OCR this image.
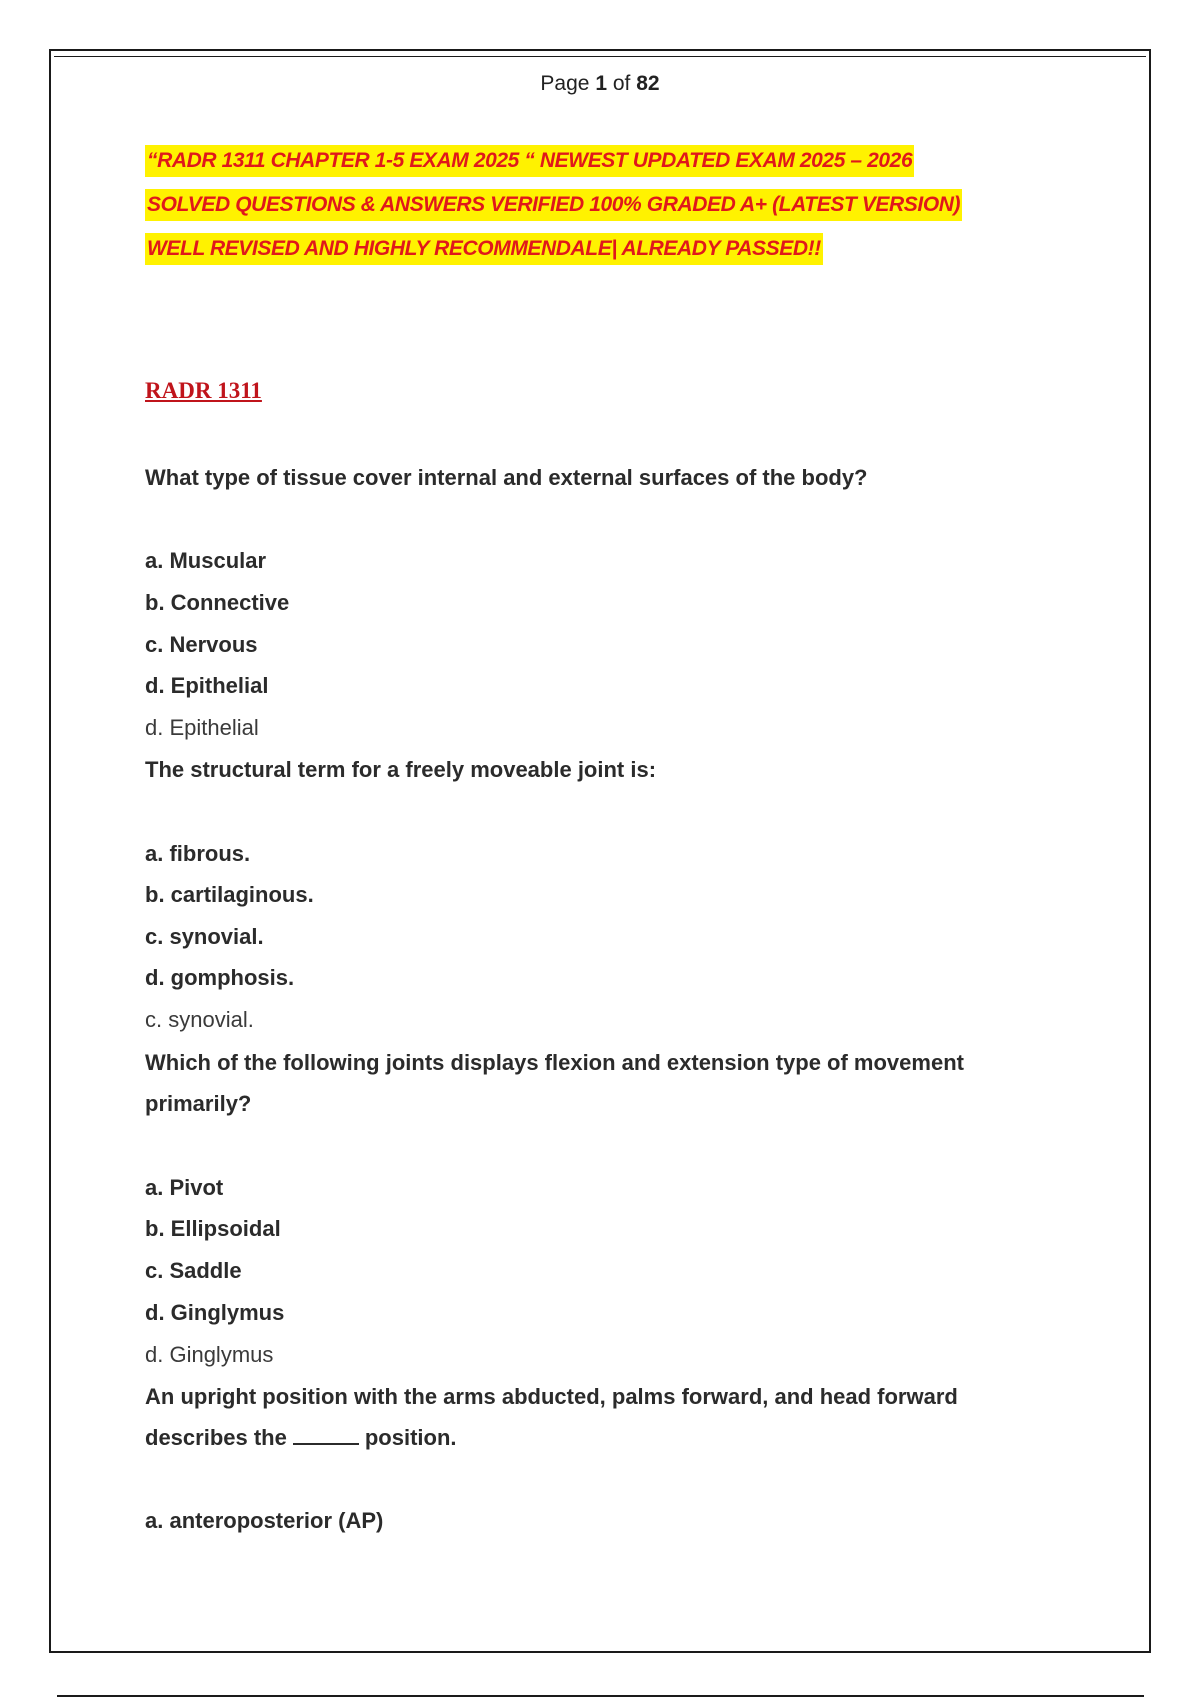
Page 1 of 82
“RADR 1311 CHAPTER 1-5 EXAM 2025 “ NEWEST UPDATED EXAM 2025 – 2026
SOLVED QUESTIONS & ANSWERS VERIFIED 100% GRADED A+ (LATEST VERSION)
WELL REVISED AND HIGHLY RECOMMENDALE| ALREADY PASSED!!
RADR 1311
What type of tissue cover internal and external surfaces of the body?
a. Muscular
b. Connective
c. Nervous
d. Epithelial
d. Epithelial
The structural term for a freely moveable joint is:
a. fibrous.
b. cartilaginous.
c. synovial.
d. gomphosis.
c. synovial.
Which of the following joints displays flexion and extension type of movement
primarily?
a. Pivot
b. Ellipsoidal
c. Saddle
d. Ginglymus
d. Ginglymus
An upright position with the arms abducted, palms forward, and head forward
describes the	position.
a. anteroposterior (AP)
